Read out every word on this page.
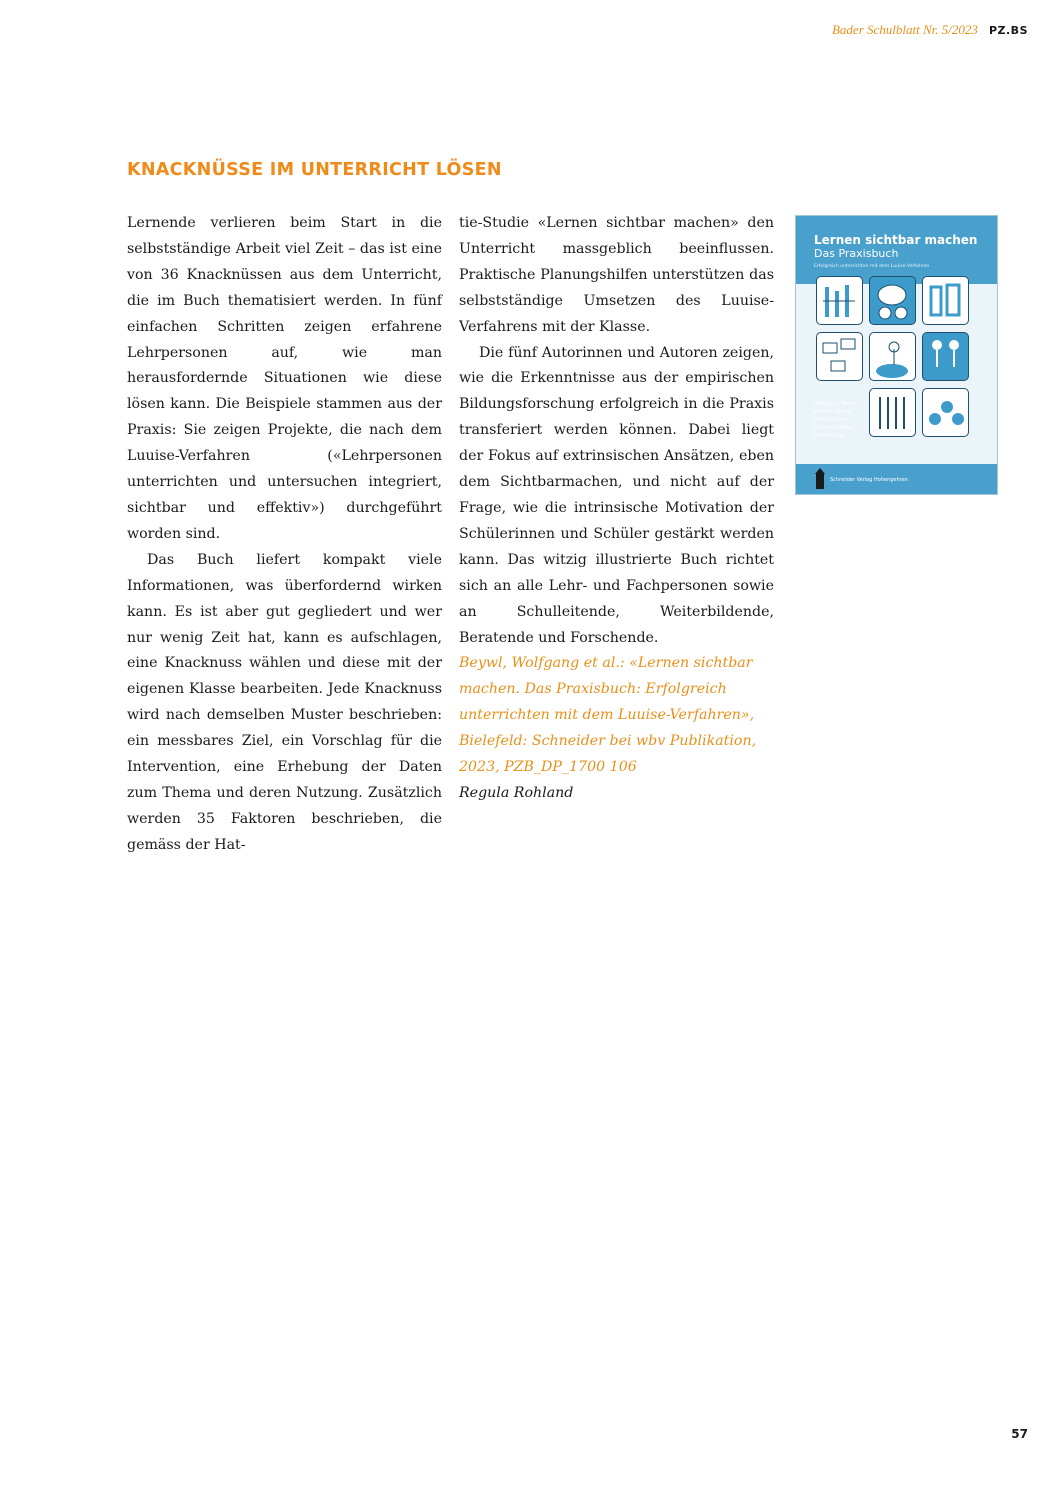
Bader Schulblatt Nr. 5/2023 PZ.BS
KNACKNÜSSE IM UNTERRICHT LÖSEN

Lernende verlieren beim Start in die selbstständige Arbeit viel Zeit – das ist eine von 36 Knacknüssen aus dem Unterricht, die im Buch thematisiert werden. In fünf einfachen Schritten zeigen erfahrene Lehrpersonen auf, wie man herausfordernde Situationen wie diese lösen kann. Die Beispiele stammen aus der Praxis: Sie zeigen Projekte, die nach dem Luuise-Verfahren («Lehrpersonen unterrichten und untersuchen integriert, sichtbar und effektiv») durchgeführt worden sind.

Das Buch liefert kompakt viele Informationen, was überfordernd wirken kann. Es ist aber gut gegliedert und wer nur wenig Zeit hat, kann es aufschlagen, eine Knacknuss wählen und diese mit der eigenen Klasse bearbeiten. Jede Knacknuss wird nach demselben Muster beschrieben: ein messbares Ziel, ein Vorschlag für die Intervention, eine Erhebung der Daten zum Thema und deren Nutzung. Zusätzlich werden 35 Faktoren beschrieben, die gemäss der Hat-

tie-Studie «Lernen sichtbar machen» den Unterricht massgeblich beeinflussen. Praktische Planungshilfen unterstützen das selbstständige Umsetzen des Luuise-Verfahrens mit der Klasse.

Die fünf Autorinnen und Autoren zeigen, wie die Erkenntnisse aus der empirischen Bildungsforschung erfolgreich in die Praxis transferiert werden können. Dabei liegt der Fokus auf extrinsischen Ansätzen, eben dem Sichtbarmachen, und nicht auf der Frage, wie die intrinsische Motivation der Schülerinnen und Schüler gestärkt werden kann. Das witzig illustrierte Buch richtet sich an alle Lehr- und Fachpersonen sowie an Schulleitende, Weiterbildende, Beratende und Forschende.

Beywl, Wolfgang et al.: «Lernen sichtbar machen. Das Praxisbuch: Erfolgreich unterrichten mit dem Luuise-Verfahren», Bielefeld: Schneider bei wbv Publikation, 2023, PZB_DP_1700 106

Regula Rohland

Lernen sichtbar machen
Das Praxisbuch
Erfolgreich unterrichten mit dem Luuise-Verfahren
Wolfgang Beywl
Kathrin Pirani
Monika Wyss
Michael Mittag
John Hattie
Schneider Verlag Hohengehren
57
